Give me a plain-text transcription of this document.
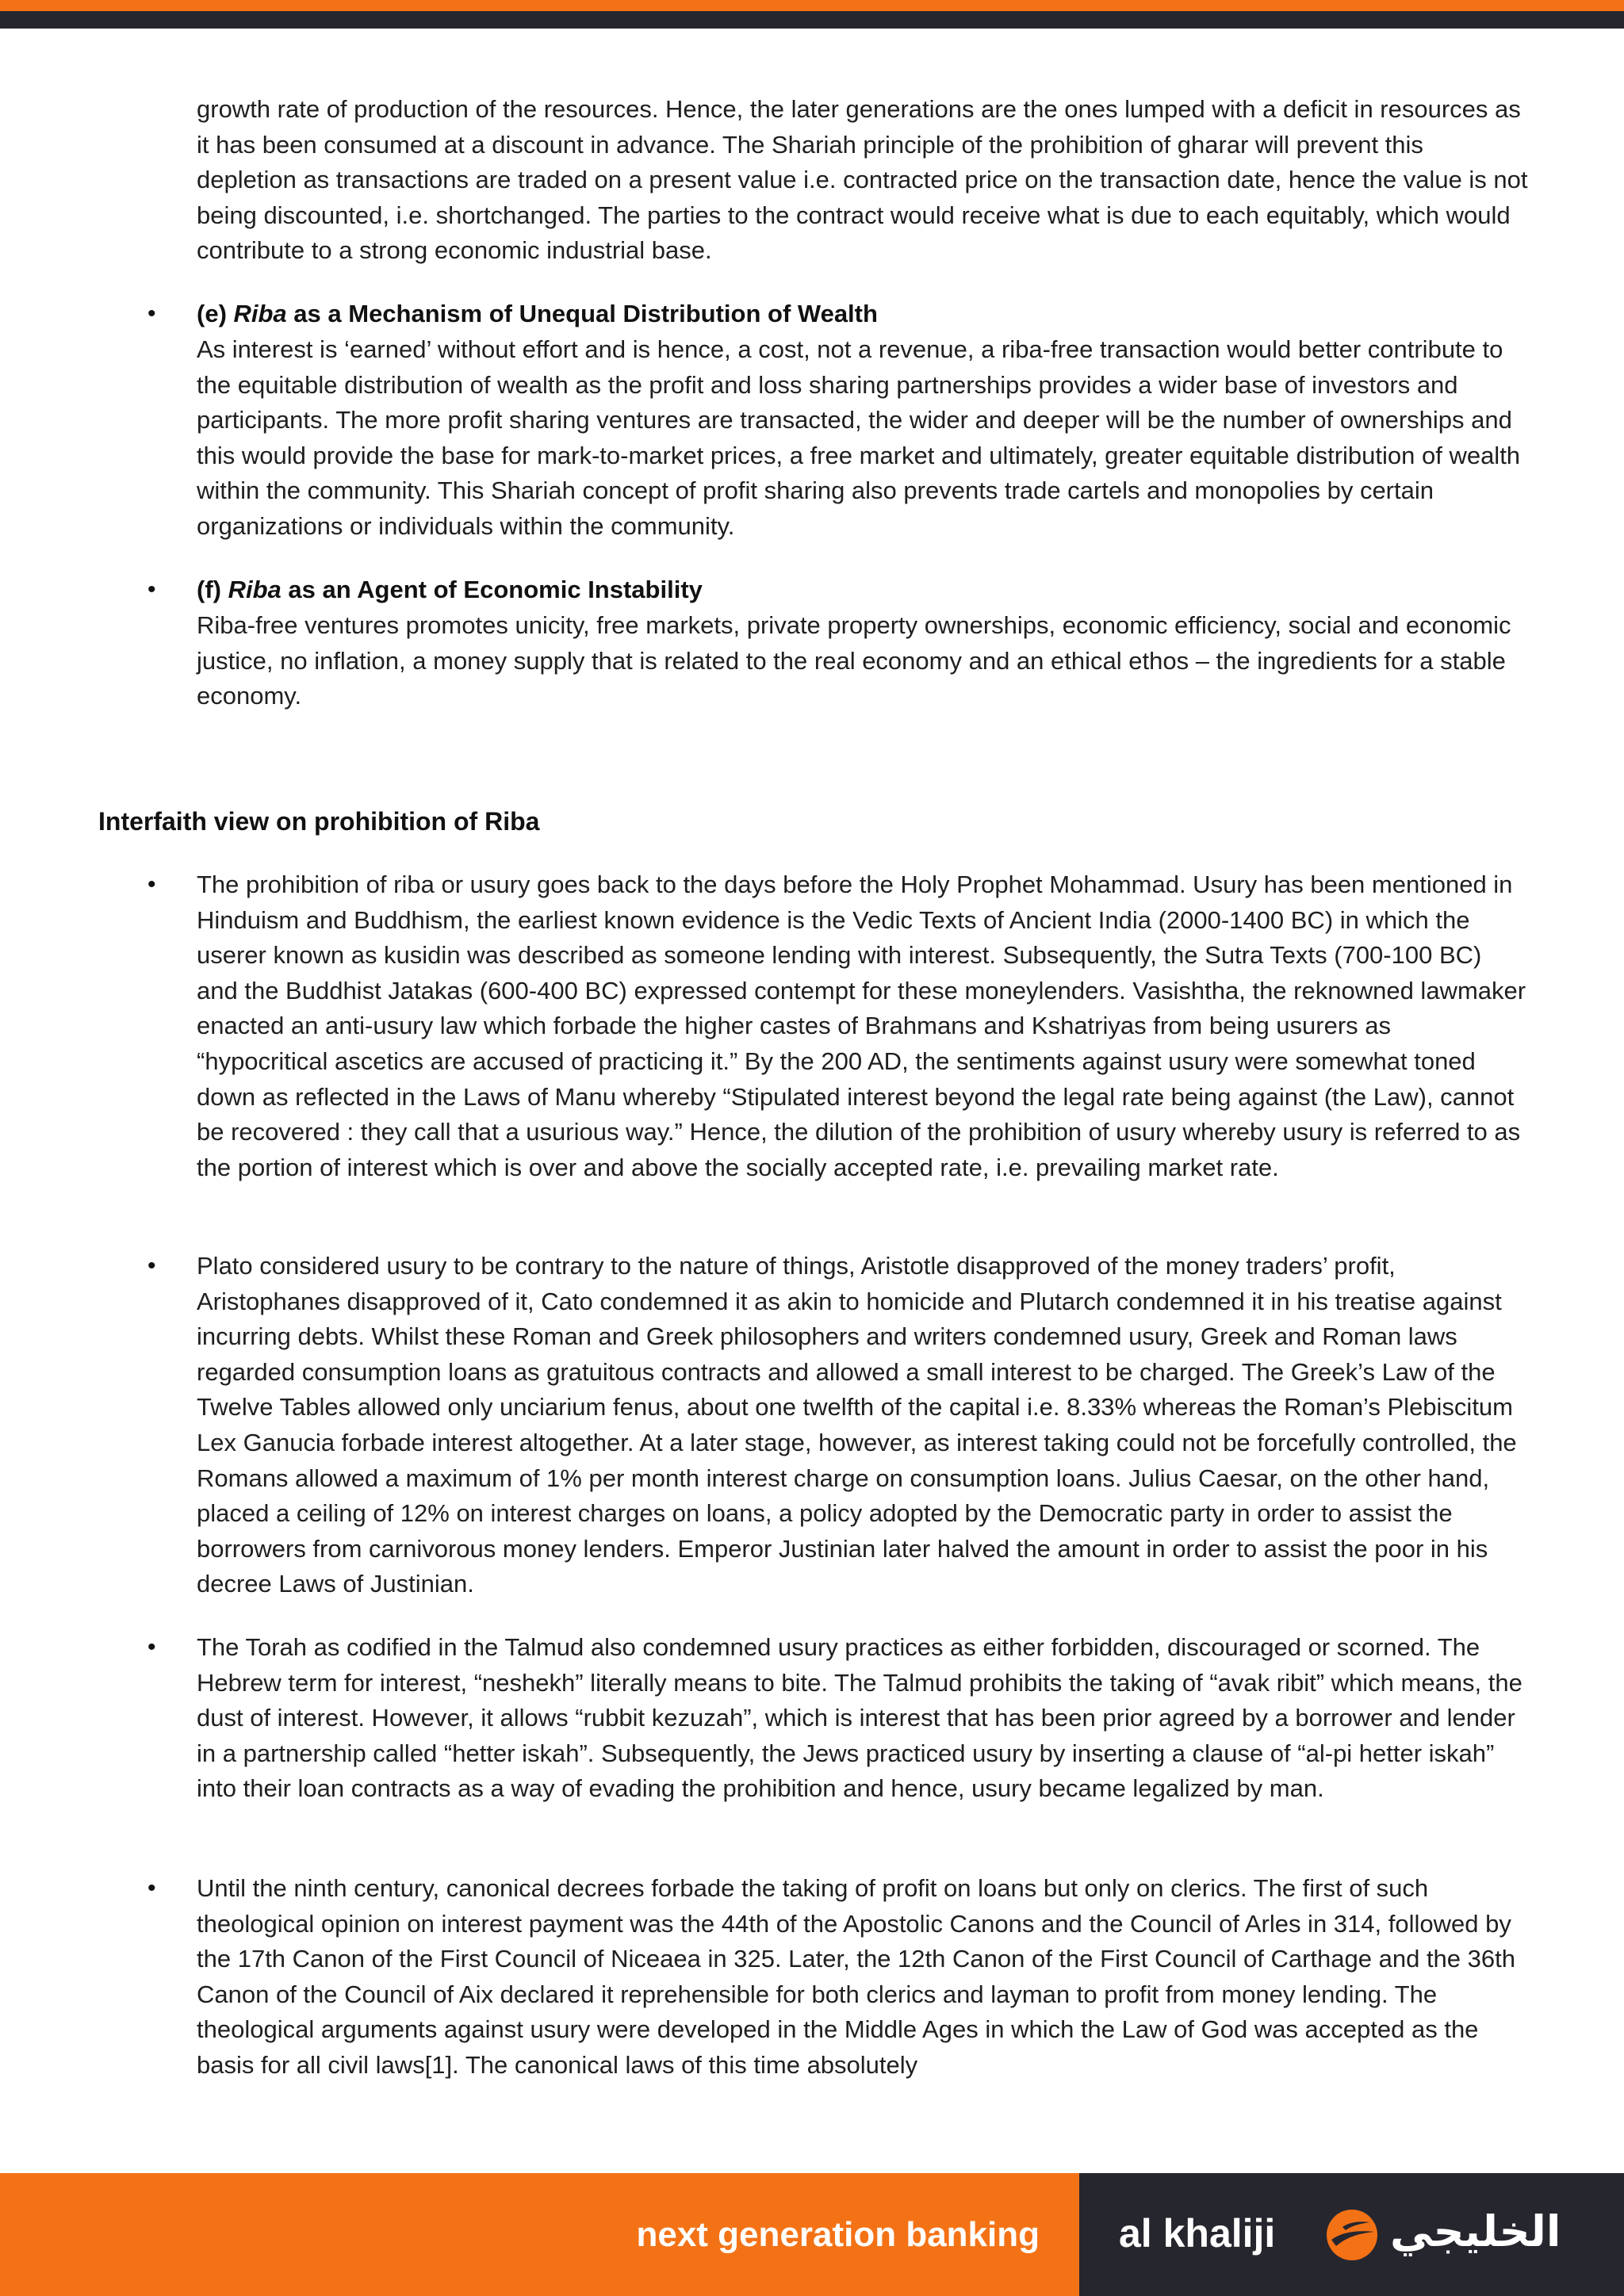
growth rate of production of the resources. Hence, the later generations are the ones lumped with a deficit in resources as it has been consumed at a discount in advance. The Shariah principle of the prohibition of gharar will prevent this depletion as transactions are traded on a present value i.e. contracted price on the transaction date, hence the value is not being discounted, i.e. shortchanged. The parties to the contract would receive what is due to each equitably, which would contribute to a strong economic industrial base.

• (e) Riba as a Mechanism of Unequal Distribution of Wealth

As interest is ‘earned’ without effort and is hence, a cost, not a revenue, a riba-free transaction would better contribute to the equitable distribution of wealth as the profit and loss sharing partnerships provides a wider base of investors and participants. The more profit sharing ventures are transacted, the wider and deeper will be the number of ownerships and this would provide the base for mark-to-market prices, a free market and ultimately, greater equitable distribution of wealth within the community. This Shariah concept of profit sharing also prevents trade cartels and monopolies by certain organizations or individuals within the community.

• (f) Riba as an Agent of Economic Instability

Riba-free ventures promotes unicity, free markets, private property ownerships, economic efficiency, social and economic justice, no inflation, a money supply that is related to the real economy and an ethical ethos – the ingredients for a stable economy.

Interfaith view on prohibition of Riba
• The prohibition of riba or usury goes back to the days before the Holy Prophet Mohammad. Usury has been mentioned in Hinduism and Buddhism, the earliest known evidence is the Vedic Texts of Ancient India (2000-1400 BC) in which the userer known as kusidin was described as someone lending with interest. Subsequently, the Sutra Texts (700-100 BC) and the Buddhist Jatakas (600-400 BC) expressed contempt for these moneylenders. Vasishtha, the reknowned lawmaker enacted an anti-usury law which forbade the higher castes of Brahmans and Kshatriyas from being usurers as “hypocritical ascetics are accused of practicing it.” By the 200 AD, the sentiments against usury were somewhat toned down as reflected in the Laws of Manu whereby “Stipulated interest beyond the legal rate being against (the Law), cannot be recovered : they call that a usurious way.” Hence, the dilution of the prohibition of usury whereby usury is referred to as the portion of interest which is over and above the socially accepted rate, i.e. prevailing market rate.

• Plato considered usury to be contrary to the nature of things, Aristotle disapproved of the money traders’ profit, Aristophanes disapproved of it, Cato condemned it as akin to homicide and Plutarch condemned it in his treatise against incurring debts. Whilst these Roman and Greek philosophers and writers condemned usury, Greek and Roman laws regarded consumption loans as gratuitous contracts and allowed a small interest to be charged. The Greek’s Law of the Twelve Tables allowed only unciarium fenus, about one twelfth of the capital i.e. 8.33% whereas the Roman’s Plebiscitum Lex Ganucia forbade interest altogether. At a later stage, however, as interest taking could not be forcefully controlled, the Romans allowed a maximum of 1% per month interest charge on consumption loans. Julius Caesar, on the other hand, placed a ceiling of 12% on interest charges on loans, a policy adopted by the Democratic party in order to assist the borrowers from carnivorous money lenders. Emperor Justinian later halved the amount in order to assist the poor in his decree Laws of Justinian.

• The Torah as codified in the Talmud also condemned usury practices as either forbidden, discouraged or scorned. The Hebrew term for interest, “neshekh” literally means to bite. The Talmud prohibits the taking of “avak ribit” which means, the dust of interest. However, it allows “rubbit kezuzah”, which is interest that has been prior agreed by a borrower and lender in a partnership called “hetter iskah”. Subsequently, the Jews practiced usury by inserting a clause of “al-pi hetter iskah” into their loan contracts as a way of evading the prohibition and hence, usury became legalized by man.

• Until the ninth century, canonical decrees forbade the taking of profit on loans but only on clerics. The first of such theological opinion on interest payment was the 44th of the Apostolic Canons and the Council of Arles in 314, followed by the 17th Canon of the First Council of Niceaea in 325. Later, the 12th Canon of the First Council of Carthage and the 36th Canon of the Council of Aix declared it reprehensible for both clerics and layman to profit from money lending. The theological arguments against usury were developed in the Middle Ages in which the Law of God was accepted as the basis for all civil laws[1]. The canonical laws of this time absolutely

next generation banking al khaliji	الخليجي
